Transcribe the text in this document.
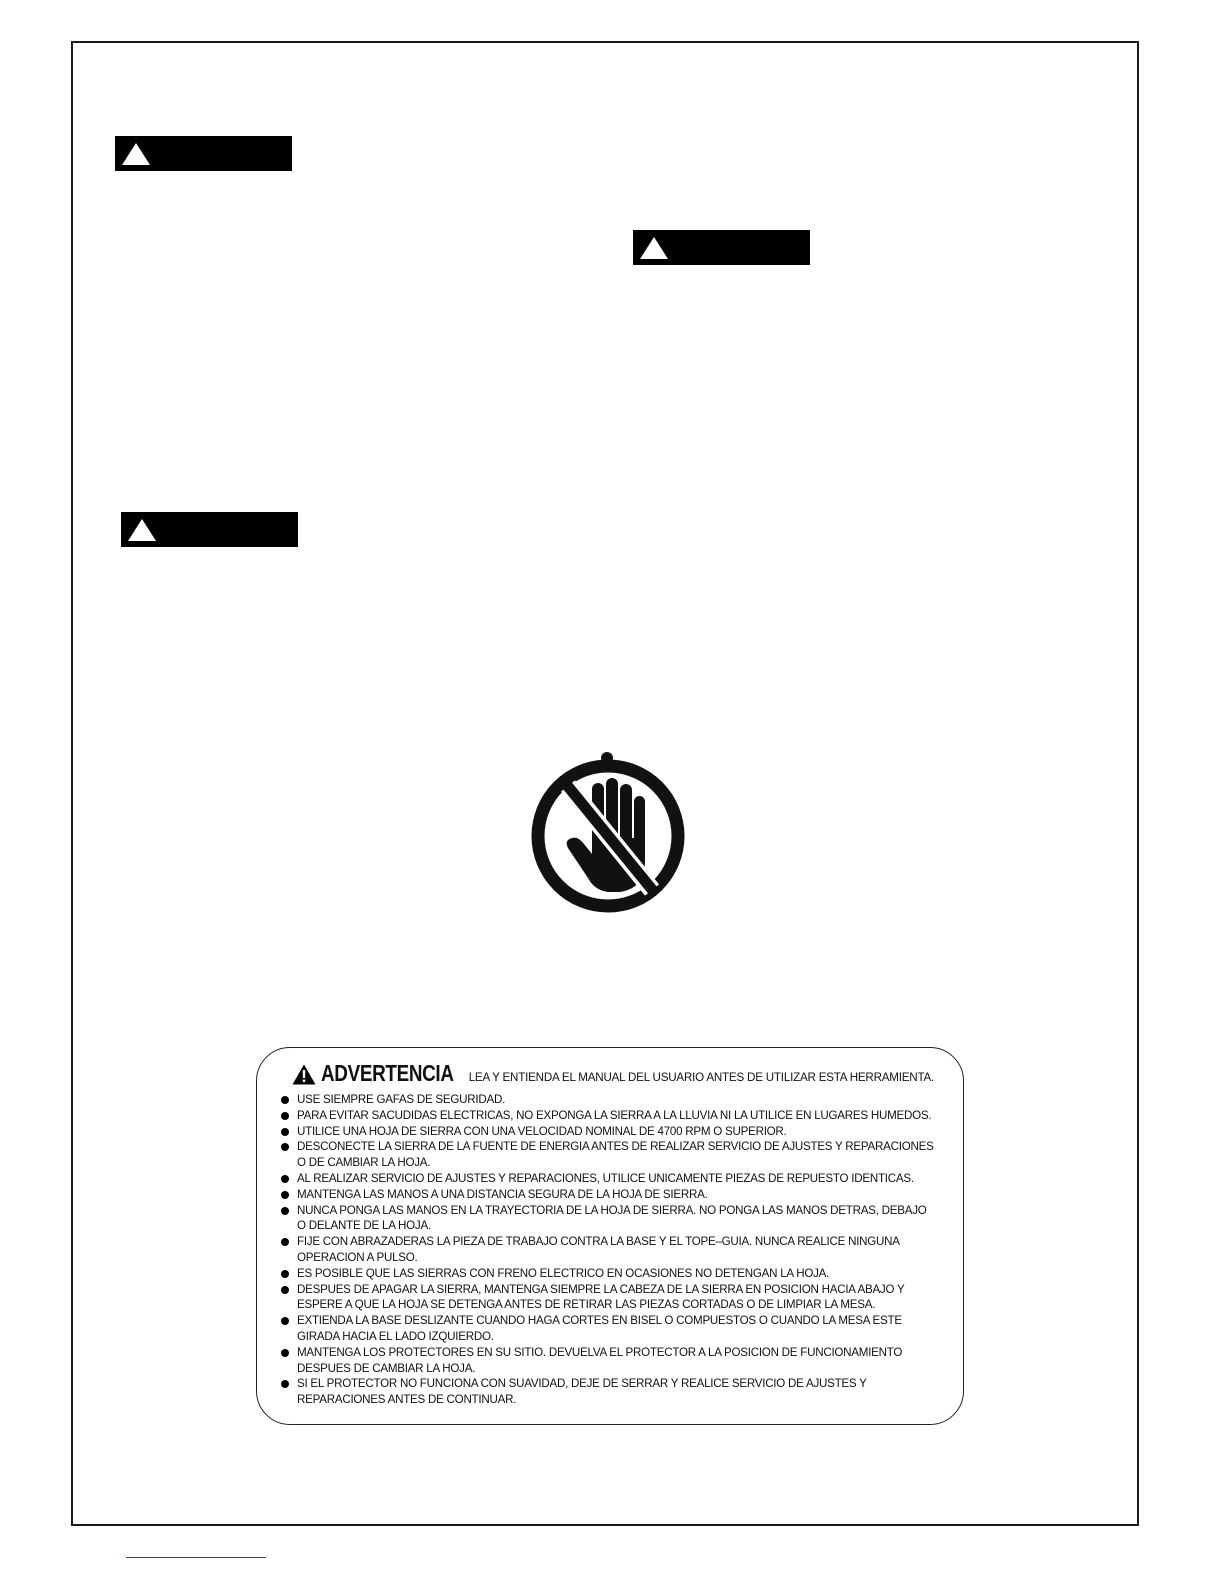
ADVERTENCIA LEA Y ENTIENDA EL MANUAL DEL USUARIO ANTES DE UTILIZAR ESTA HERRAMIENTA.
USE SIEMPRE GAFAS DE SEGURIDAD.
PARA EVITAR SACUDIDAS ELECTRICAS, NO EXPONGA LA SIERRA A LA LLUVIA NI LA UTILICE EN LUGARES HUMEDOS.
UTILICE UNA HOJA DE SIERRA CON UNA VELOCIDAD NOMINAL DE 4700 RPM O SUPERIOR.
DESCONECTE LA SIERRA DE LA FUENTE DE ENERGIA ANTES DE REALIZAR SERVICIO DE AJUSTES Y REPARACIONES
O DE CAMBIAR LA HOJA.
AL REALIZAR SERVICIO DE AJUSTES Y REPARACIONES, UTILICE UNICAMENTE PIEZAS DE REPUESTO IDENTICAS.
MANTENGA LAS MANOS A UNA DISTANCIA SEGURA DE LA HOJA DE SIERRA.
NUNCA PONGA LAS MANOS EN LA TRAYECTORIA DE LA HOJA DE SIERRA. NO PONGA LAS MANOS DETRAS, DEBAJO
O DELANTE DE LA HOJA.
FIJE CON ABRAZADERAS LA PIEZA DE TRABAJO CONTRA LA BASE Y EL TOPE–GUIA. NUNCA REALICE NINGUNA
OPERACION A PULSO.
ES POSIBLE QUE LAS SIERRAS CON FRENO ELECTRICO EN OCASIONES NO DETENGAN LA HOJA.
DESPUES DE APAGAR LA SIERRA, MANTENGA SIEMPRE LA CABEZA DE LA SIERRA EN POSICION HACIA ABAJO Y
ESPERE A QUE LA HOJA SE DETENGA ANTES DE RETIRAR LAS PIEZAS CORTADAS O DE LIMPIAR LA MESA.
EXTIENDA LA BASE DESLIZANTE CUANDO HAGA CORTES EN BISEL O COMPUESTOS O CUANDO LA MESA ESTE
GIRADA HACIA EL LADO IZQUIERDO.
MANTENGA LOS PROTECTORES EN SU SITIO. DEVUELVA EL PROTECTOR A LA POSICION DE FUNCIONAMIENTO
DESPUES DE CAMBIAR LA HOJA.
SI EL PROTECTOR NO FUNCIONA CON SUAVIDAD, DEJE DE SERRAR Y REALICE SERVICIO DE AJUSTES Y
REPARACIONES ANTES DE CONTINUAR.
